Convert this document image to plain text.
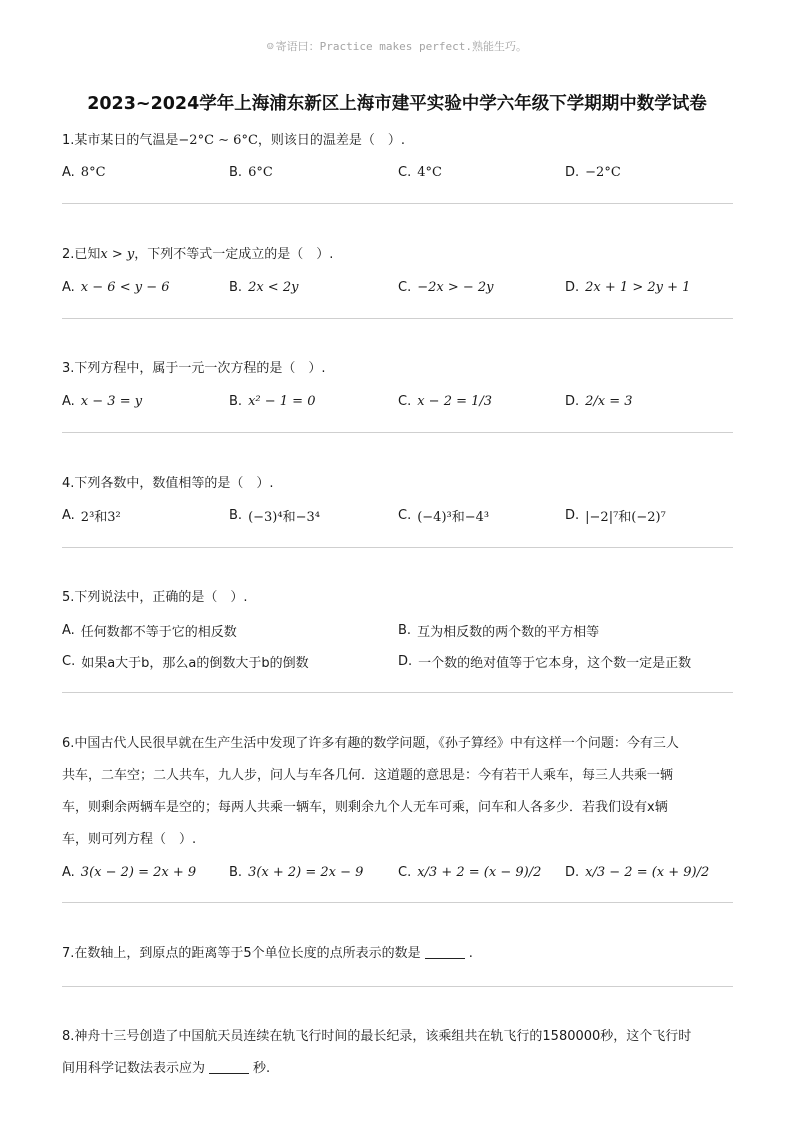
☺ 寄语曰：Practice makes perfect.熟能生巧。
2023~2024学年上海浦东新区上海市建平实验中学六年级下学期期中数学试卷
1.某市某日的气温是−2°C ∼ 6°C，则该日的温差是（　）.
A. 8°C	B. 6°C	C. 4°C	D. −2°C
2.已知x > y，下列不等式一定成立的是（　）.
A. x − 6 < y − 6	B. 2x < 2y	C. −2x > − 2y	D. 2x + 1 > 2y + 1
3.下列方程中，属于一元一次方程的是（　）.
A. x − 3 = y	B. x² − 1 = 0	C. x − 2 = 1/3	D. 2/x = 3
4.下列各数中，数值相等的是（　）.
A. 2³和3²	B. (−3)⁴和−3⁴	C. (−4)³和−4³	D. |−2|⁷和(−2)⁷
5.下列说法中，正确的是（　）.
A. 任何数都不等于它的相反数	B. 互为相反数的两个数的平方相等
C. 如果a大于b，那么a的倒数大于b的倒数	D. 一个数的绝对值等于它本身，这个数一定是正数
6.中国古代人民很早就在生产生活中发现了许多有趣的数学问题，《孙子算经》中有这样一个问题：今有三人
共车，二车空；二人共车，九人步，问人与车各几何．这道题的意思是：今有若干人乘车，每三人共乘一辆
车，则剩余两辆车是空的；每两人共乘一辆车，则剩余九个人无车可乘，问车和人各多少．若我们设有x辆
车，则可列方程（　）.
A. 3(x − 2) = 2x + 9	B. 3(x + 2) = 2x − 9	C. x/3 + 2 = (x − 9)/2 D. x/3 − 2 = (x + 9)/2
7.在数轴上，到原点的距离等于5个单位长度的点所表示的数是	.
8.神舟十三号创造了中国航天员连续在轨飞行时间的最长纪录，该乘组共在轨飞行的1580000秒，这个飞行时
间用科学记数法表示应为	秒.
